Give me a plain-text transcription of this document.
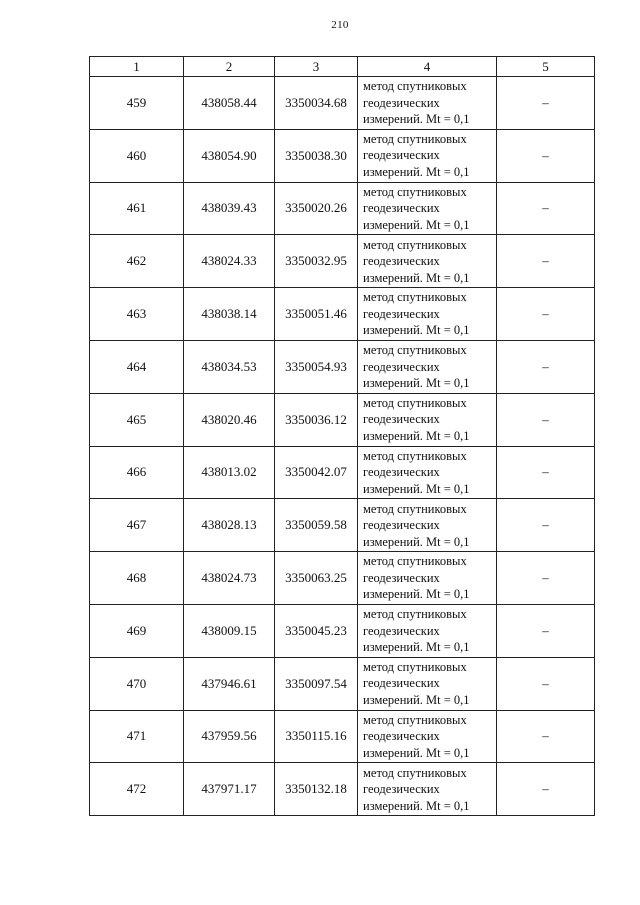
210
1	2	3	4	5
459	438058.44	3350034.68	метод спутниковых
геодезических
измерений. Mt = 0,1	–
460	438054.90	3350038.30	метод спутниковых
геодезических
измерений. Mt = 0,1	–
461	438039.43	3350020.26	метод спутниковых
геодезических
измерений. Mt = 0,1	–
462	438024.33	3350032.95	метод спутниковых
геодезических
измерений. Mt = 0,1	–
463	438038.14	3350051.46	метод спутниковых
геодезических
измерений. Mt = 0,1	–
464	438034.53	3350054.93	метод спутниковых
геодезических
измерений. Mt = 0,1	–
465	438020.46	3350036.12	метод спутниковых
геодезических
измерений. Mt = 0,1	–
466	438013.02	3350042.07	метод спутниковых
геодезических
измерений. Mt = 0,1	–
467	438028.13	3350059.58	метод спутниковых
геодезических
измерений. Mt = 0,1	–
468	438024.73	3350063.25	метод спутниковых
геодезических
измерений. Mt = 0,1	–
469	438009.15	3350045.23	метод спутниковых
геодезических
измерений. Mt = 0,1	–
470	437946.61	3350097.54	метод спутниковых
геодезических
измерений. Mt = 0,1	–
471	437959.56	3350115.16	метод спутниковых
геодезических
измерений. Mt = 0,1	–
472	437971.17	3350132.18	метод спутниковых
геодезических
измерений. Mt = 0,1	–
